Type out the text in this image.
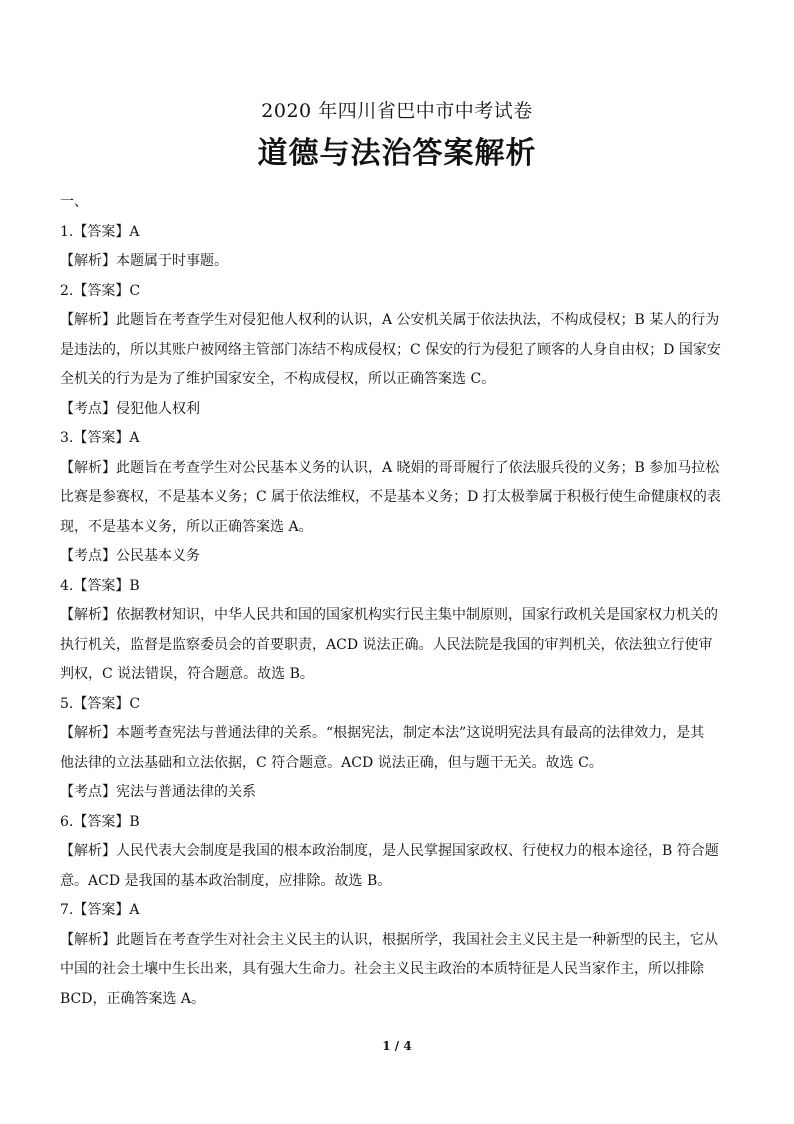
2020 年四川省巴中市中考试卷
道德与法治答案解析
一、
1.【答案】A
【解析】本题属于时事题。
2.【答案】C
【解析】此题旨在考查学生对侵犯他人权利的认识，A 公安机关属于依法执法，不构成侵权；B 某人的行为
是违法的，所以其账户被网络主管部门冻结不构成侵权；C 保安的行为侵犯了顾客的人身自由权；D 国家安
全机关的行为是为了维护国家安全，不构成侵权，所以正确答案选 C。
【考点】侵犯他人权利
3.【答案】A
【解析】此题旨在考查学生对公民基本义务的认识，A 晓娟的哥哥履行了依法服兵役的义务；B 参加马拉松
比赛是参赛权，不是基本义务；C 属于依法维权，不是基本义务；D 打太极拳属于积极行使生命健康权的表
现，不是基本义务，所以正确答案选 A。
【考点】公民基本义务
4.【答案】B
【解析】依据教材知识，中华人民共和国的国家机构实行民主集中制原则，国家行政机关是国家权力机关的
执行机关，监督是监察委员会的首要职责，ACD 说法正确。人民法院是我国的审判机关，依法独立行使审
判权，C 说法错误，符合题意。故选 B。
5.【答案】C
【解析】本题考查宪法与普通法律的关系。“根据宪法，制定本法”这说明宪法具有最高的法律效力，是其
他法律的立法基础和立法依据，C 符合题意。ACD 说法正确，但与题干无关。故选 C。
【考点】宪法与普通法律的关系
6.【答案】B
【解析】人民代表大会制度是我国的根本政治制度，是人民掌握国家政权、行使权力的根本途径，B 符合题
意。ACD 是我国的基本政治制度，应排除。故选 B。
7.【答案】A
【解析】此题旨在考查学生对社会主义民主的认识，根据所学，我国社会主义民主是一种新型的民主，它从
中国的社会土壤中生长出来，具有强大生命力。社会主义民主政治的本质特征是人民当家作主，所以排除
BCD，正确答案选 A。
1 / 4
